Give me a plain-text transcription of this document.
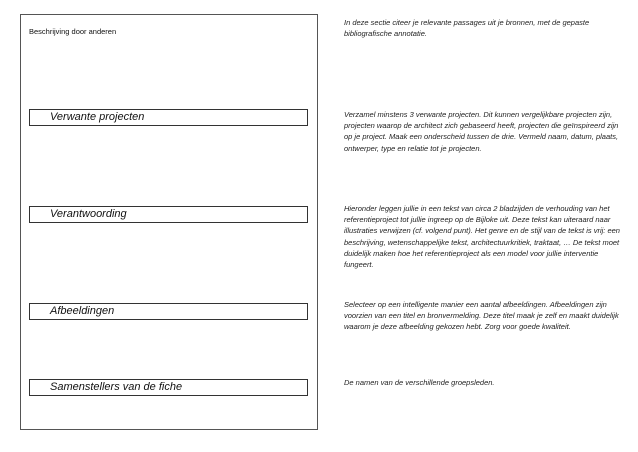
Beschrijving door anderen
Verwante projecten
Verantwoording
Afbeeldingen
Samenstellers van de fiche
In deze sectie citeer je relevante passages uit je bronnen, met de gepaste bibliografische annotatie.
Verzamel minstens 3 verwante projecten. Dit kunnen vergelijkbare projecten zijn, projecten waarop de architect zich gebaseerd heeft, projecten die geïnspireerd zijn op je project. Maak een onderscheid tussen de drie. Vermeld naam, datum, plaats, ontwerper, type en relatie tot je projecten.
Hieronder leggen jullie in een tekst van circa 2 bladzijden de verhouding van het referentieproject tot jullie ingreep op de Bijloke uit. Deze tekst kan uiteraard naar illustraties verwijzen (cf. volgend punt). Het genre en de stijl van de tekst is vrij: een beschrijving, wetenschappelijke tekst, architectuurkritiek, traktaat, … De tekst moet duidelijk maken hoe het referentieproject als een model voor jullie interventie fungeert.
Selecteer op een intelligente manier een aantal afbeeldingen. Afbeeldingen zijn voorzien van een titel en bronvermelding. Deze titel maak je zelf en maakt duidelijk waarom je deze afbeelding gekozen hebt. Zorg voor goede kwaliteit.
De namen van de verschillende groepsleden.
